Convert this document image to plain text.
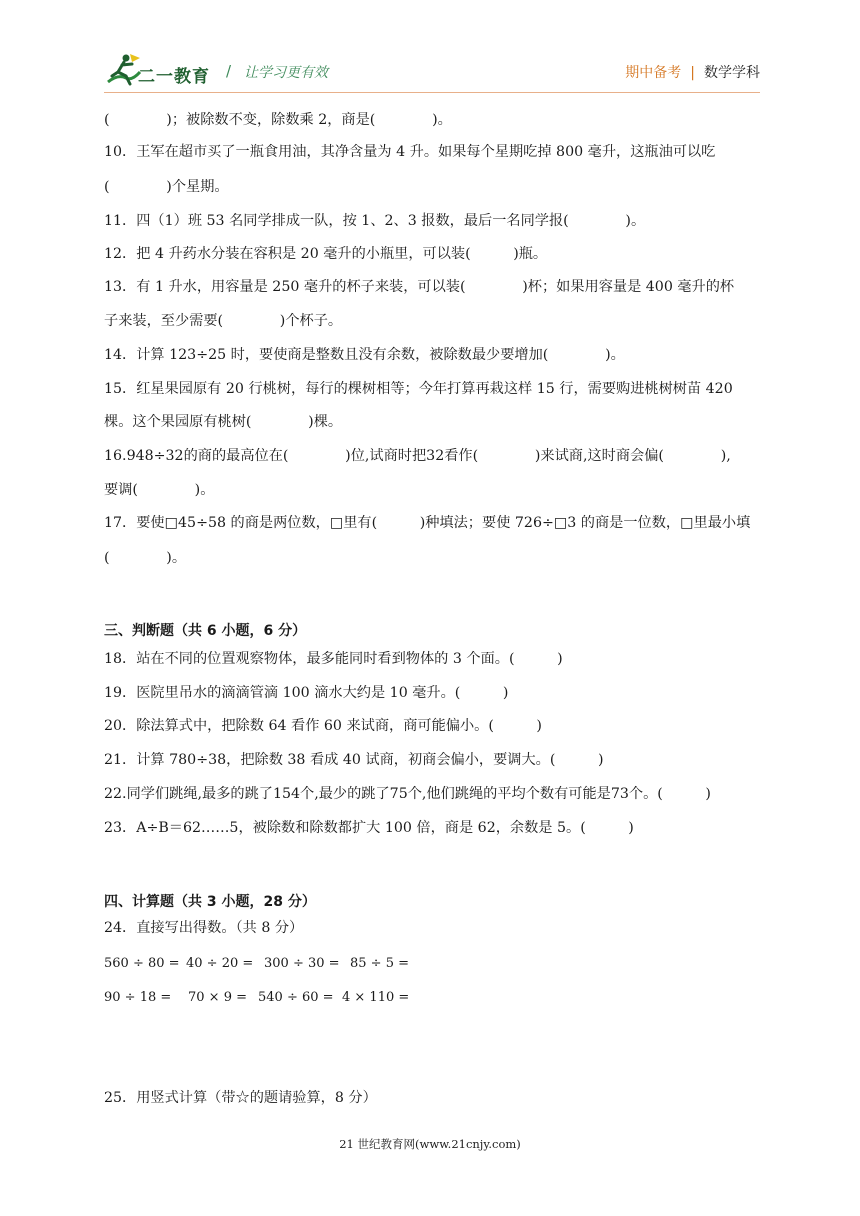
二一教育 / 让学习更有效	期中备考 | 数学学科
(　　　　)；被除数不变，除数乘 2，商是(　　　　)。
10．王军在超市买了一瓶食用油，其净含量为 4 升。如果每个星期吃掉 800 毫升，这瓶油可以吃
(　　　　)个星期。
11．四（1）班 53 名同学排成一队，按 1、2、3 报数，最后一名同学报(　　　　)。
12．把 4 升药水分装在容积是 20 毫升的小瓶里，可以装(　　　)瓶。
13．有 1 升水，用容量是 250 毫升的杯子来装，可以装(　　　　)杯；如果用容量是 400 毫升的杯
子来装，至少需要(　　　　)个杯子。
14．计算 123÷25 时，要使商是整数且没有余数，被除数最少要增加(　　　　)。
15．红星果园原有 20 行桃树，每行的棵树相等；今年打算再栽这样 15 行，需要购进桃树树苗 420
棵。这个果园原有桃树(　　　　)棵。
16.948÷32的商的最高位在(　　　　)位,试商时把32看作(　　　　)来试商,这时商会偏(　　　　),
要调(　　　　)。
17．要使□45÷58 的商是两位数，□里有(　　　)种填法；要使 726÷□3 的商是一位数，□里最小填
(　　　　)。
三、判断题（共 6 小题，6 分）
18．站在不同的位置观察物体，最多能同时看到物体的 3 个面。(　　　)
19．医院里吊水的滴滴管滴 100 滴水大约是 10 毫升。(　　　)
20．除法算式中，把除数 64 看作 60 来试商，商可能偏小。(　　　)
21．计算 780÷38，把除数 38 看成 40 试商，初商会偏小，要调大。(　　　)
22.同学们跳绳,最多的跳了154个,最少的跳了75个,他们跳绳的平均个数有可能是73个。(　　　)
23．A÷B＝62……5，被除数和除数都扩大 100 倍，商是 62，余数是 5。(　　　)
四、计算题（共 3 小题，28 分）
24．直接写出得数。（共 8 分）
560 ÷ 80 = 40 ÷ 20 = 300 ÷ 30 = 85 ÷ 5 =
90 ÷ 18 = 70 × 9 = 540 ÷ 60 = 4 × 110 =
25．用竖式计算（带☆的题请验算，8 分）
21 世纪教育网(www.21cnjy.com)
